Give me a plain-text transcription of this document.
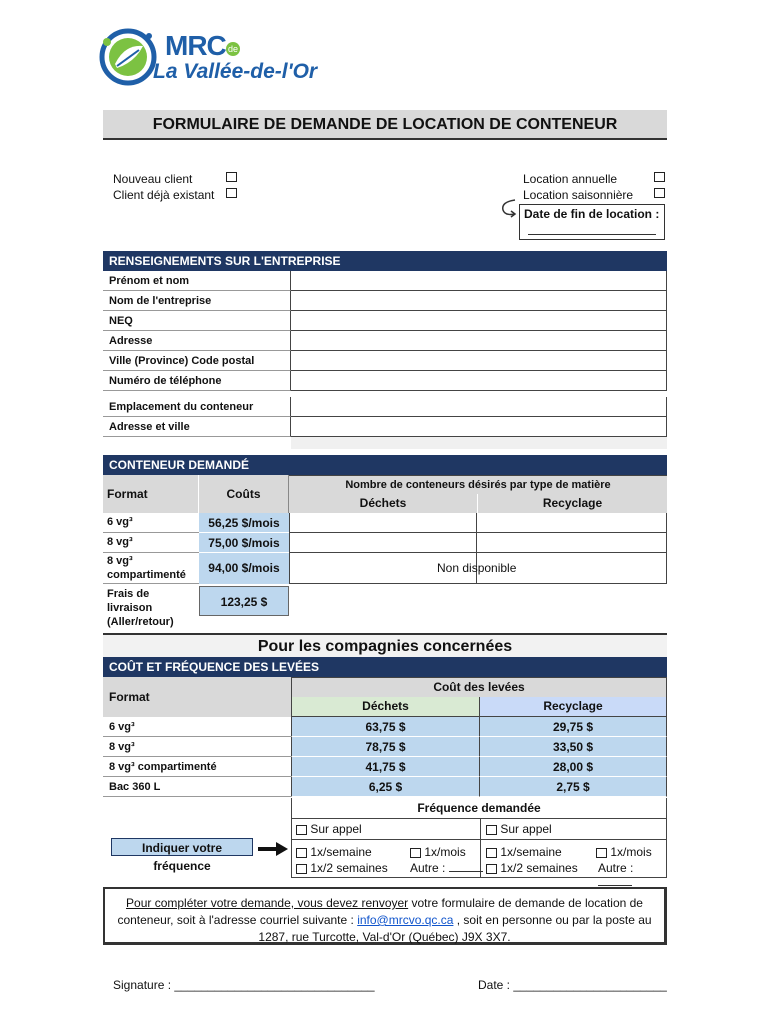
MRC de
La Vallée-de-l'Or
FORMULAIRE DE DEMANDE DE LOCATION DE CONTENEUR
Nouveau client
Client déjà existant
Location annuelle
Location saisonnière
Date de fin de location :
RENSEIGNEMENTS SUR L'ENTREPRISE
Prénom et nom
Nom de l'entreprise
NEQ
Adresse
Ville (Province) Code postal
Numéro de téléphone
Emplacement du conteneur
Adresse et ville
CONTENEUR DEMANDÉ
Format	Coûts
Nombre de conteneurs désirés par type de matière
Déchets	Recyclage
6 vg³	56,25 $/mois
8 vg³	75,00 $/mois
8 vg³ compartimenté	94,00 $/mois
Frais de livraison (Aller/retour)
123,25 $
Non disponible
Pour les compagnies concernées
COÛT ET FRÉQUENCE DES LEVÉES
Format
Coût des levées
Déchets	Recyclage
6 vg³	63,75 $	29,75 $
8 vg³	78,75 $	33,50 $
8 vg³ compartimenté	41,75 $	28,00 $
Bac 360 L	6,25 $	2,75 $
Fréquence demandée
Sur appel
1x/semaine	1x/mois
1x/2 semaines Autre :
Sur appel
1x/semaine	1x/mois
1x/2 semaines Autre :
Indiquer votre fréquence
Pour compléter votre demande, vous devez renvoyer votre formulaire de demande de location de conteneur, soit à l'adresse courriel suivante : info@mrcvo.qc.ca , soit en personne ou par la poste au 1287, rue Turcotte, Val-d'Or (Québec) J9X 3X7.
Signature : ______________________________	Date : _______________________
